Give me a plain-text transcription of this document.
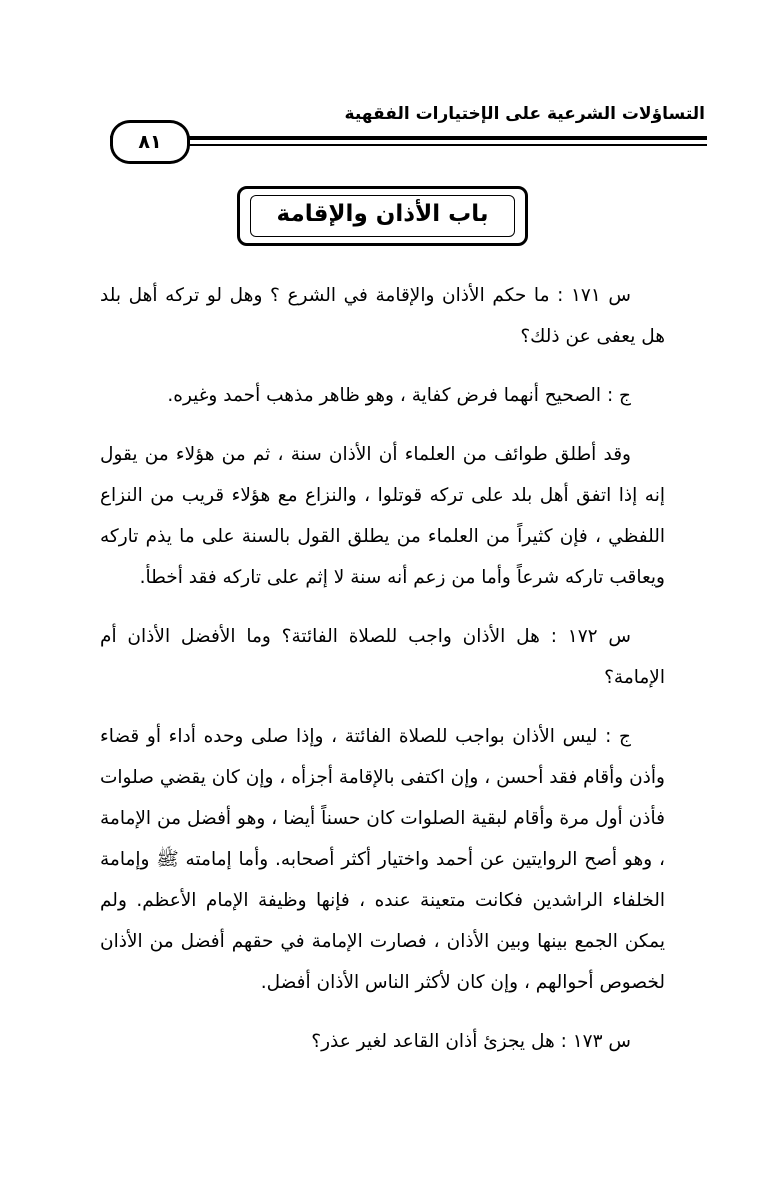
التساؤلات الشرعية على الإختيارات الفقهية
٨١
باب الأذان والإقامة

س ١٧١ : ما حكم الأذان والإقامة في الشرع ؟ وهل لو تركه أهل بلد هل يعفى عن ذلك؟

ج : الصحيح أنهما فرض كفاية ، وهو ظاهر مذهب أحمد وغيره.

وقد أطلق طوائف من العلماء أن الأذان سنة ، ثم من هؤلاء من يقول إنه إذا اتفق أهل بلد على تركه قوتلوا ، والنزاع مع هؤلاء قريب من النزاع اللفظي ، فإن كثيراً من العلماء من يطلق القول بالسنة على ما يذم تاركه ويعاقب تاركه شرعاً وأما من زعم أنه سنة لا إثم على تاركه فقد أخطأ.

س ١٧٢ : هل الأذان واجب للصلاة الفائتة؟ وما الأفضل الأذان أم الإمامة؟

ج : ليس الأذان بواجب للصلاة الفائتة ، وإذا صلى وحده أداء أو قضاء وأذن وأقام فقد أحسن ، وإن اكتفى بالإقامة أجزأه ، وإن كان يقضي صلوات فأذن أول مرة وأقام لبقية الصلوات كان حسناً أيضا ، وهو أفضل من الإمامة ، وهو أصح الروايتين عن أحمد واختيار أكثر أصحابه. وأما إمامته ﷺ وإمامة الخلفاء الراشدين فكانت متعينة عنده ، فإنها وظيفة الإمام الأعظم. ولم يمكن الجمع بينها وبين الأذان ، فصارت الإمامة في حقهم أفضل من الأذان لخصوص أحوالهم ، وإن كان لأكثر الناس الأذان أفضل.

س ١٧٣ : هل يجزئ أذان القاعد لغير عذر؟
